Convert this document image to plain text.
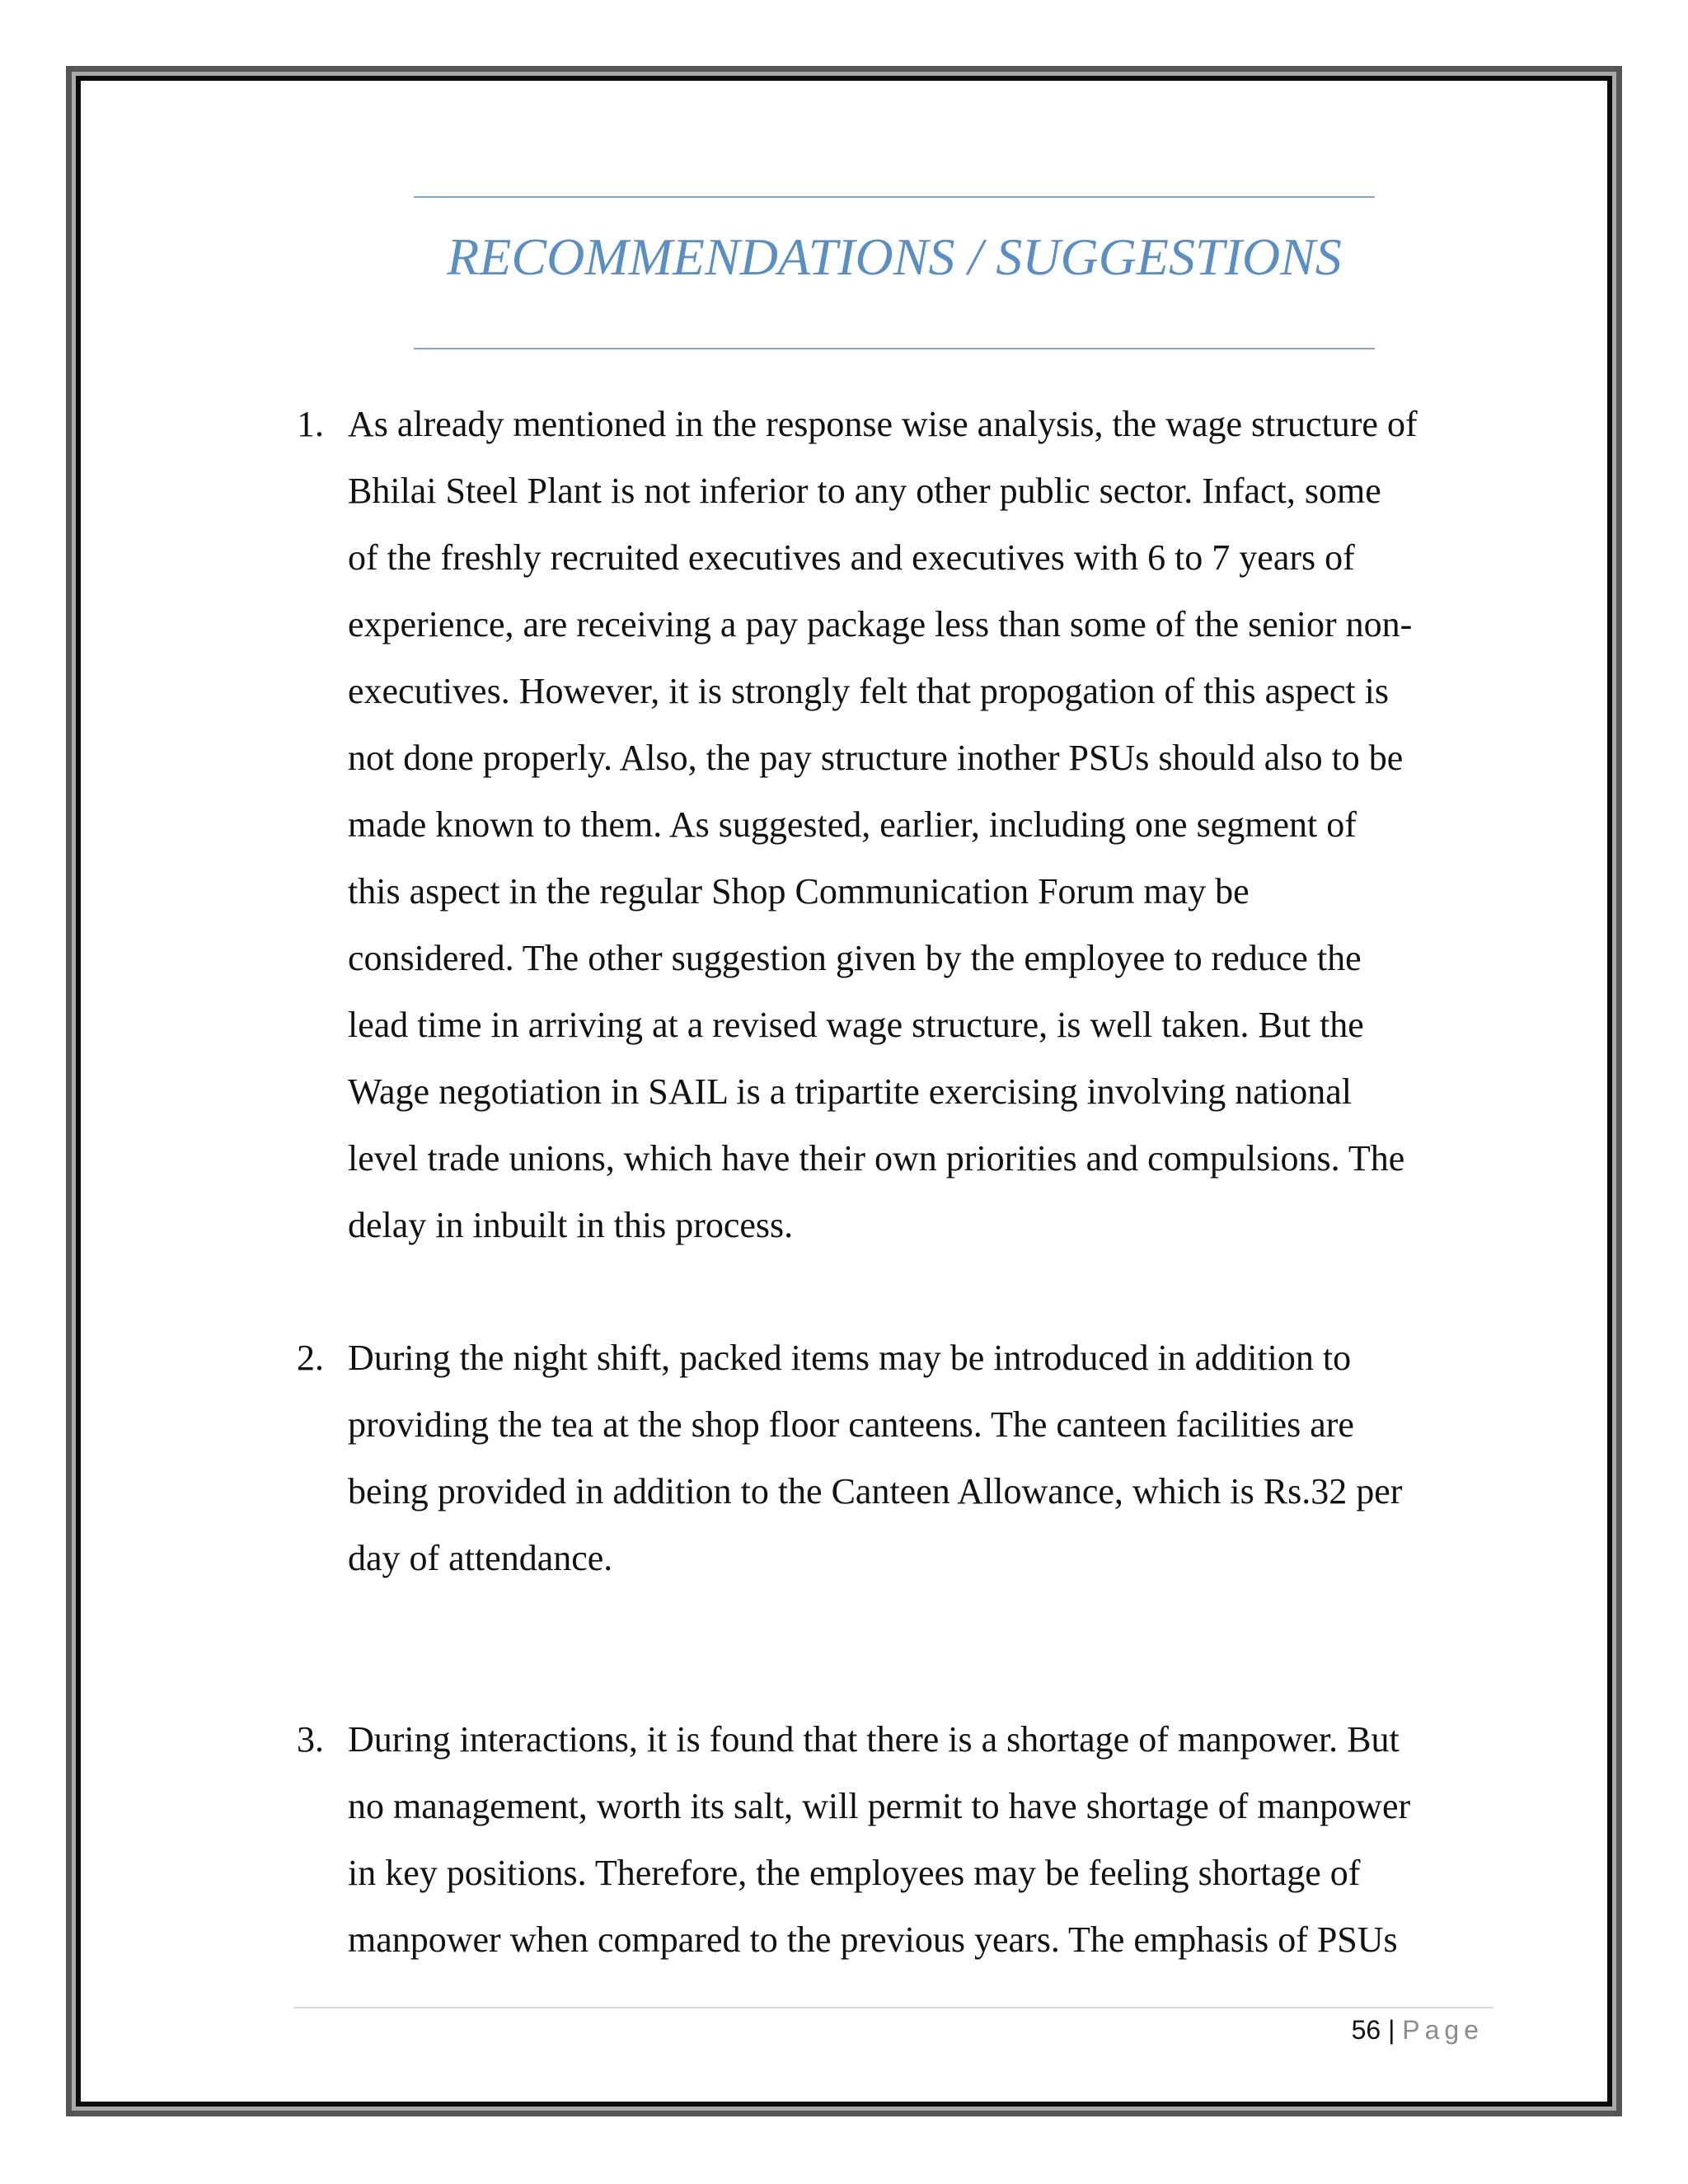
RECOMMENDATIONS / SUGGESTIONS
1. As already mentioned in the response wise analysis, the wage structure of
Bhilai Steel Plant is not inferior to any other public sector. Infact, some
of the freshly recruited executives and executives with 6 to 7 years of
experience, are receiving a pay package less than some of the senior non-
executives. However, it is strongly felt that propogation of this aspect is
not done properly. Also, the pay structure inother PSUs should also to be
made known to them. As suggested, earlier, including one segment of
this aspect in the regular Shop Communication Forum may be
considered. The other suggestion given by the employee to reduce the
lead time in arriving at a revised wage structure, is well taken. But the
Wage negotiation in SAIL is a tripartite exercising involving national
level trade unions, which have their own priorities and compulsions. The
delay in inbuilt in this process.

2. During the night shift, packed items may be introduced in addition to
providing the tea at the shop floor canteens. The canteen facilities are
being provided in addition to the Canteen Allowance, which is Rs.32 per
day of attendance.

3. During interactions, it is found that there is a shortage of manpower. But
no management, worth its salt, will permit to have shortage of manpower
in key positions. Therefore, the employees may be feeling shortage of
manpower when compared to the previous years. The emphasis of PSUs

56 | Page
